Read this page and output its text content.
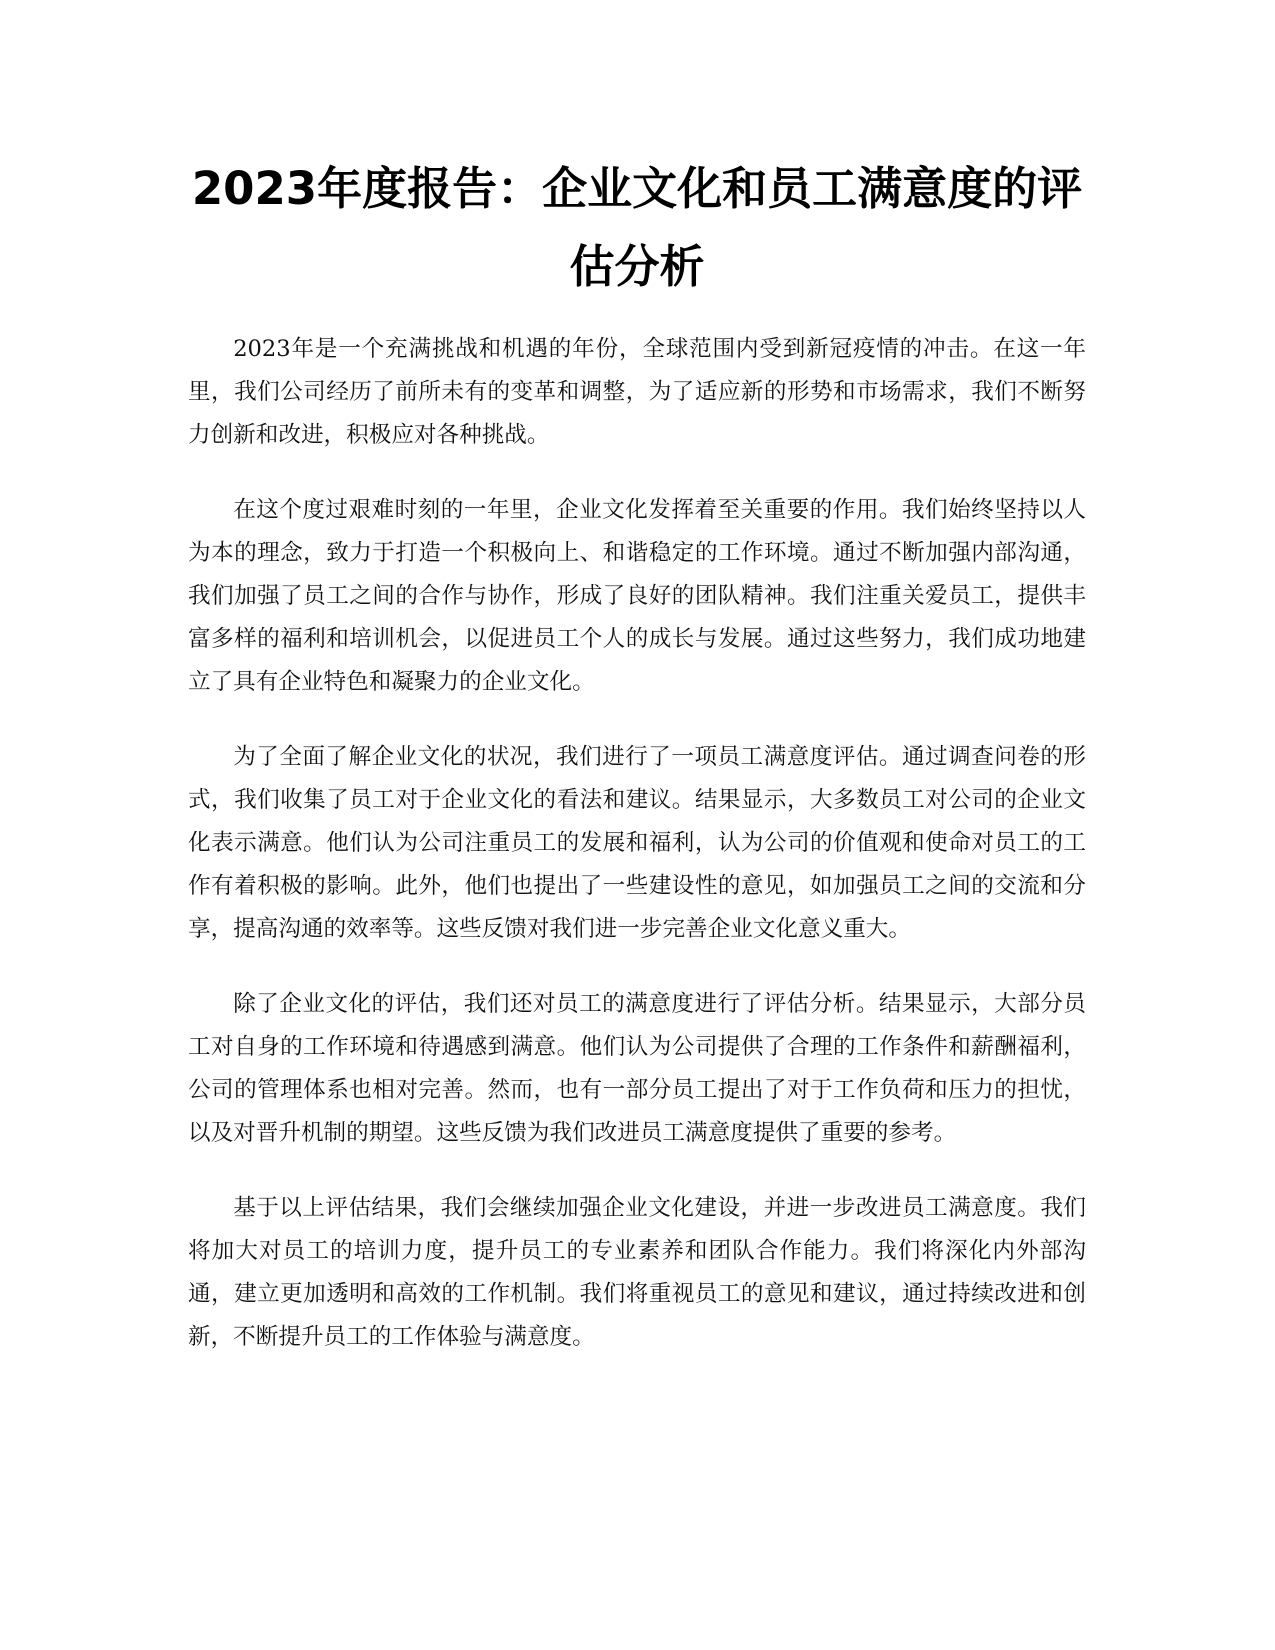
2023年度报告：企业文化和员工满意度的评估分析

2023年是一个充满挑战和机遇的年份，全球范围内受到新冠疫情的冲击。在这一年里，我们公司经历了前所未有的变革和调整，为了适应新的形势和市场需求，我们不断努力创新和改进，积极应对各种挑战。

在这个度过艰难时刻的一年里，企业文化发挥着至关重要的作用。我们始终坚持以人为本的理念，致力于打造一个积极向上、和谐稳定的工作环境。通过不断加强内部沟通，我们加强了员工之间的合作与协作，形成了良好的团队精神。我们注重关爱员工，提供丰富多样的福利和培训机会，以促进员工个人的成长与发展。通过这些努力，我们成功地建立了具有企业特色和凝聚力的企业文化。

为了全面了解企业文化的状况，我们进行了一项员工满意度评估。通过调查问卷的形式，我们收集了员工对于企业文化的看法和建议。结果显示，大多数员工对公司的企业文化表示满意。他们认为公司注重员工的发展和福利，认为公司的价值观和使命对员工的工作有着积极的影响。此外，他们也提出了一些建设性的意见，如加强员工之间的交流和分享，提高沟通的效率等。这些反馈对我们进一步完善企业文化意义重大。

除了企业文化的评估，我们还对员工的满意度进行了评估分析。结果显示，大部分员工对自身的工作环境和待遇感到满意。他们认为公司提供了合理的工作条件和薪酬福利，公司的管理体系也相对完善。然而，也有一部分员工提出了对于工作负荷和压力的担忧，以及对晋升机制的期望。这些反馈为我们改进员工满意度提供了重要的参考。

基于以上评估结果，我们会继续加强企业文化建设，并进一步改进员工满意度。我们将加大对员工的培训力度，提升员工的专业素养和团队合作能力。我们将深化内外部沟通，建立更加透明和高效的工作机制。我们将重视员工的意见和建议，通过持续改进和创新，不断提升员工的工作体验与满意度。
